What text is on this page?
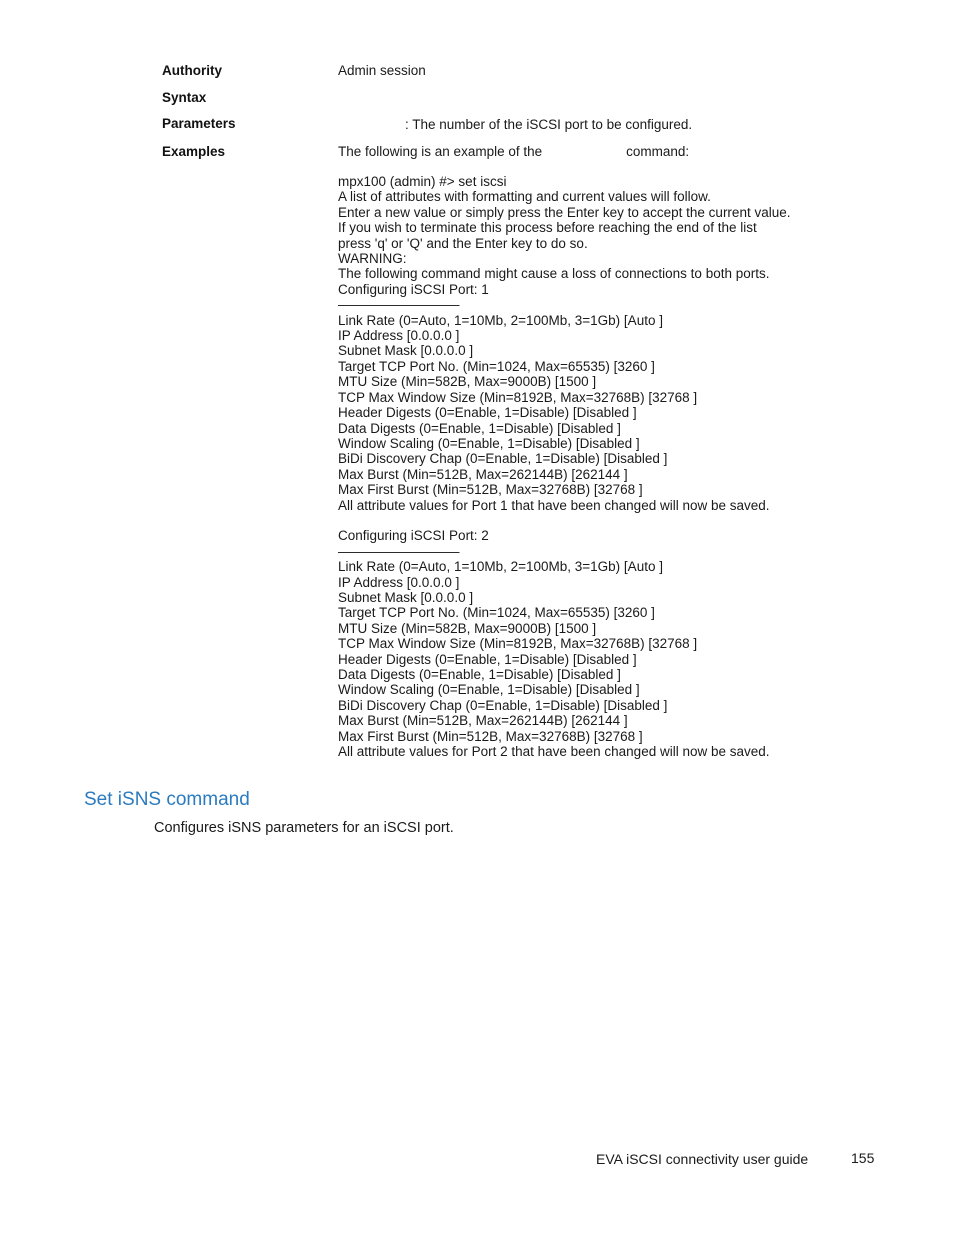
Authority	Admin session
Syntax
Parameters	: The number of the iSCSI port to be configured.
Examples	The following is an example of the	command:
mpx100 (admin) #> set iscsi
A list of attributes with formatting and current values will follow.
Enter a new value or simply press the Enter key to accept the current value.
If you wish to terminate this process before reaching the end of the list
press 'q' or 'Q' and the Enter key to do so.
WARNING:
The following command might cause a loss of connections to both ports.
Configuring iSCSI Port: 1
—————————
Link Rate (0=Auto, 1=10Mb, 2=100Mb, 3=1Gb) [Auto ]
IP Address [0.0.0.0 ]
Subnet Mask [0.0.0.0 ]
Target TCP Port No. (Min=1024, Max=65535) [3260 ]
MTU Size (Min=582B, Max=9000B) [1500 ]
TCP Max Window Size (Min=8192B, Max=32768B) [32768 ]
Header Digests (0=Enable, 1=Disable) [Disabled ]
Data Digests (0=Enable, 1=Disable) [Disabled ]
Window Scaling (0=Enable, 1=Disable) [Disabled ]
BiDi Discovery Chap (0=Enable, 1=Disable) [Disabled ]
Max Burst (Min=512B, Max=262144B) [262144 ]
Max First Burst (Min=512B, Max=32768B) [32768 ]
All attribute values for Port 1 that have been changed will now be saved.
Configuring iSCSI Port: 2
—————————
Link Rate (0=Auto, 1=10Mb, 2=100Mb, 3=1Gb) [Auto ]
IP Address [0.0.0.0 ]
Subnet Mask [0.0.0.0 ]
Target TCP Port No. (Min=1024, Max=65535) [3260 ]
MTU Size (Min=582B, Max=9000B) [1500 ]
TCP Max Window Size (Min=8192B, Max=32768B) [32768 ]
Header Digests (0=Enable, 1=Disable) [Disabled ]
Data Digests (0=Enable, 1=Disable) [Disabled ]
Window Scaling (0=Enable, 1=Disable) [Disabled ]
BiDi Discovery Chap (0=Enable, 1=Disable) [Disabled ]
Max Burst (Min=512B, Max=262144B) [262144 ]
Max First Burst (Min=512B, Max=32768B) [32768 ]
All attribute values for Port 2 that have been changed will now be saved.
Set iSNS command
Configures iSNS parameters for an iSCSI port.
EVA iSCSI connectivity user guide	155
